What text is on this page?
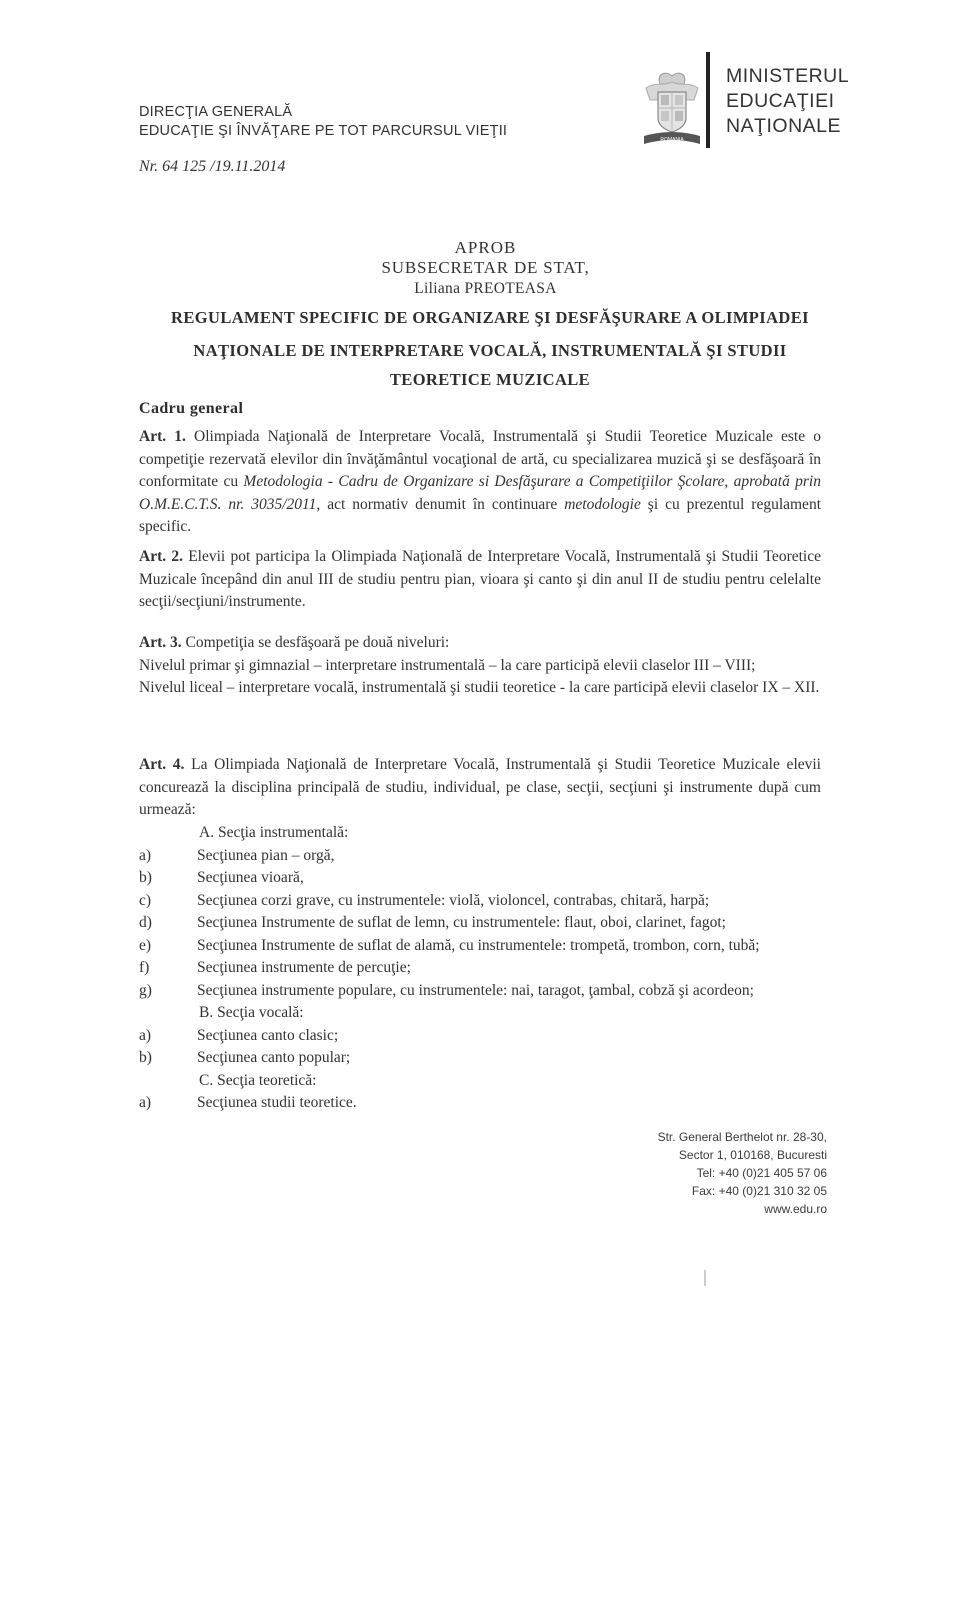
DIRECŢIA GENERALĂ
EDUCAŢIE ŞI ÎNVĂŢARE PE TOT PARCURSUL VIEŢII
Nr. 64 125 /19.11.2014
ROMANIA
MINISTERUL
EDUCAŢIEI
NAŢIONALE
APROB
SUBSECRETAR DE STAT,
Liliana PREOTEASA
REGULAMENT SPECIFIC DE ORGANIZARE ŞI DESFĂŞURARE A OLIMPIADEI
NAŢIONALE DE INTERPRETARE VOCALĂ, INSTRUMENTALĂ ŞI STUDII
TEORETICE MUZICALE
Cadru general

Art. 1. Olimpiada Naţională de Interpretare Vocală, Instrumentală şi Studii Teoretice Muzicale este o competiţie rezervată elevilor din învăţământul vocaţional de artă, cu specializarea muzică şi se desfăşoară în conformitate cu Metodologia - Cadru de Organizare si Desfăşurare a Competiţiilor Şcolare, aprobată prin O.M.E.C.T.S. nr. 3035/2011, act normativ denumit în continuare metodologie şi cu prezentul regulament specific.

Art. 2. Elevii pot participa la Olimpiada Naţională de Interpretare Vocală, Instrumentală şi Studii Teoretice Muzicale începând din anul III de studiu pentru pian, vioara şi canto şi din anul II de studiu pentru celelalte secţii/secţiuni/instrumente.

Art. 3. Competiţia se desfăşoară pe două niveluri:

Nivelul primar şi gimnazial – interpretare instrumentală – la care participă elevii claselor III – VIII;

Nivelul liceal – interpretare vocală, instrumentală şi studii teoretice - la care participă elevii claselor IX – XII.

Art. 4. La Olimpiada Naţională de Interpretare Vocală, Instrumentală şi Studii Teoretice Muzicale elevii concurează la disciplina principală de studiu, individual, pe clase, secţii, secţiuni şi instrumente după cum urmează:

A. Secţia instrumentală:
a)	Secţiunea pian – orgă,
b)	Secţiunea vioară,
c)	Secţiunea corzi grave, cu instrumentele: violă, violoncel, contrabas, chitară, harpă;
d)	Secţiunea Instrumente de suflat de lemn, cu instrumentele: flaut, oboi, clarinet, fagot;
e)	Secţiunea Instrumente de suflat de alamă, cu instrumentele: trompetă, trombon, corn, tubă;
f)	Secţiunea instrumente de percuţie;
g)	Secţiunea instrumente populare, cu instrumentele: nai, taragot, ţambal, cobză şi acordeon;
B. Secţia vocală:
a)	Secţiunea canto clasic;
b)	Secţiunea canto popular;
C. Secţia teoretică:
a)	Secţiunea studii teoretice.
Str. General Berthelot nr. 28-30,
Sector 1, 010168, Bucuresti
Tel: +40 (0)21 405 57 06
Fax: +40 (0)21 310 32 05
www.edu.ro
